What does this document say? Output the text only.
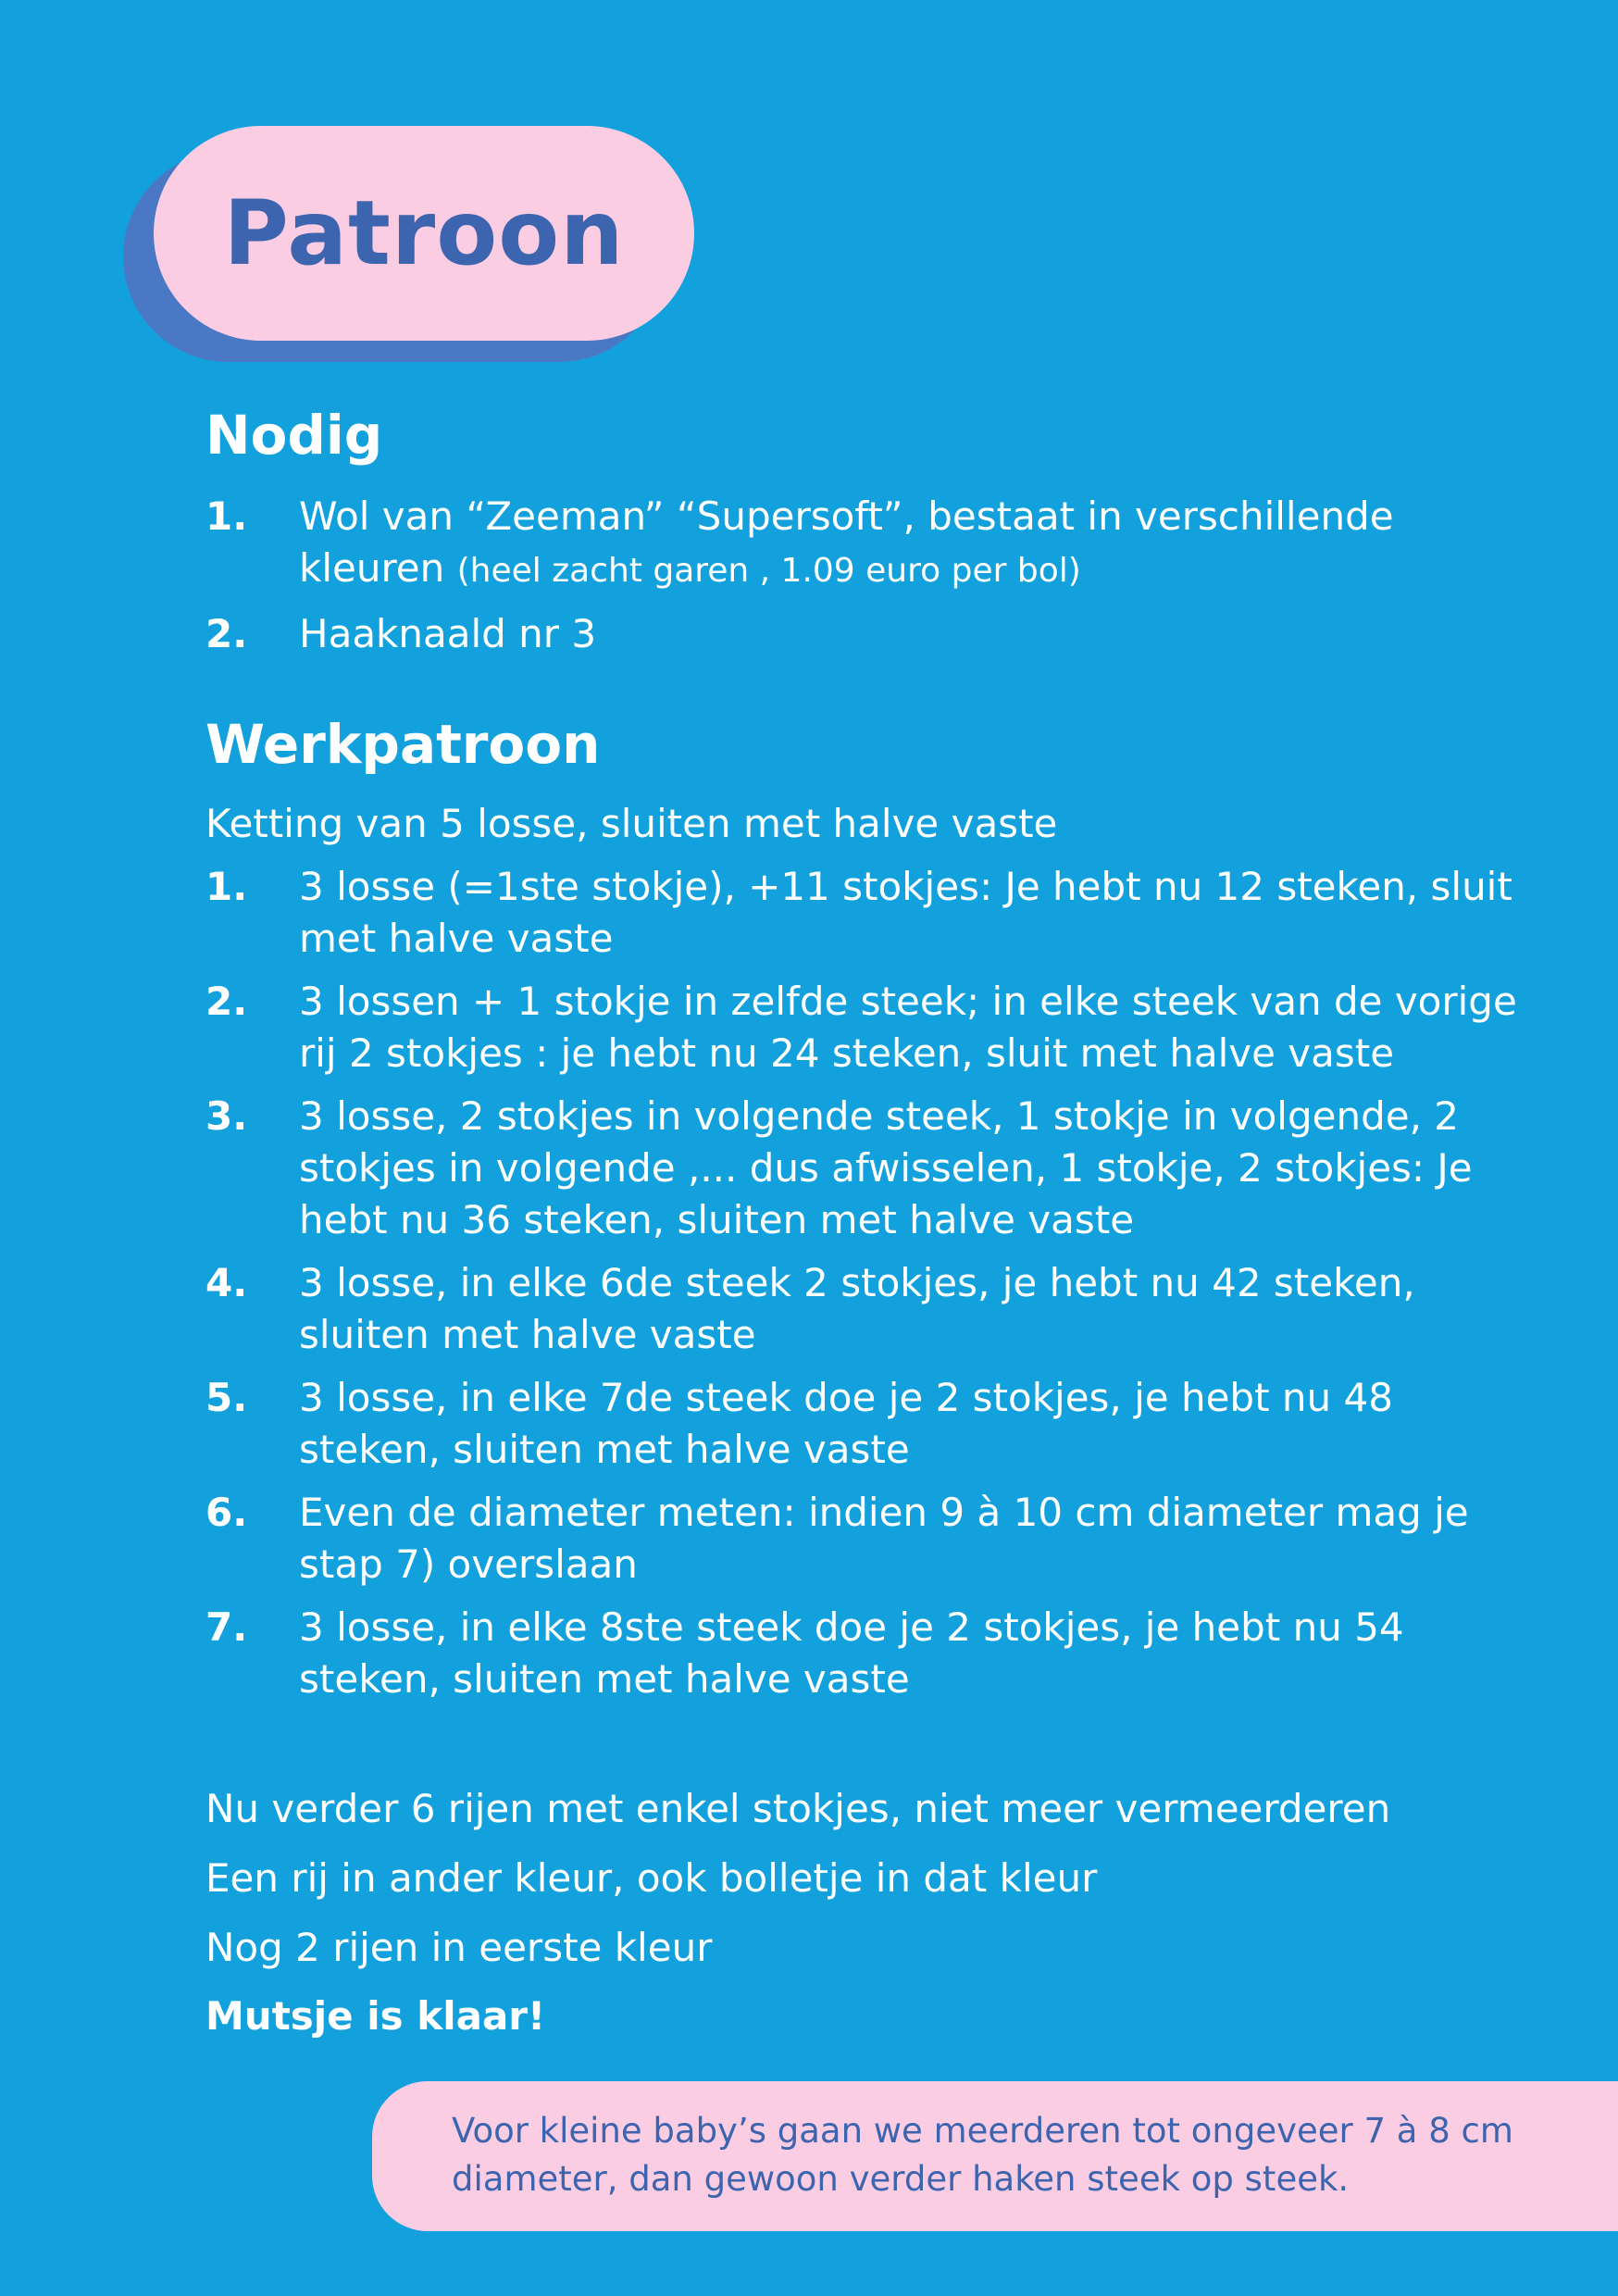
Patroon
Nodig
1.	Wol van “Zeeman” “Supersoft”, bestaat in verschillende kleuren (heel zacht garen , 1.09 euro per bol)
2.	Haaknaald nr 3
Werkpatroon

Ketting van 5 losse, sluiten met halve vaste

1.	3 losse (=1ste stokje), +11 stokjes: Je hebt nu 12 steken, sluit met halve vaste
2.	3 lossen + 1 stokje in zelfde steek; in elke steek van de vorige rij 2 stokjes : je hebt nu 24 steken, sluit met halve vaste
3.	3 losse, 2 stokjes in volgende steek, 1 stokje in volgende, 2 stokjes in volgende ,... dus afwisselen, 1 stokje, 2 stokjes: Je hebt nu 36 steken, sluiten met halve vaste
4.	3 losse, in elke 6de steek 2 stokjes, je hebt nu 42 steken, sluiten met halve vaste
5.	3 losse, in elke 7de steek doe je 2 stokjes, je hebt nu 48 steken, sluiten met halve vaste
6.	Even de diameter meten: indien 9 à 10 cm diameter mag je stap 7) overslaan
7.	3 losse, in elke 8ste steek doe je 2 stokjes, je hebt nu 54 steken, sluiten met halve vaste

Nu verder 6 rijen met enkel stokjes, niet meer vermeerderen

Een rij in ander kleur, ook bolletje in dat kleur

Nog 2 rijen in eerste kleur

Mutsje is klaar!

Voor kleine baby’s gaan we meerderen tot ongeveer 7 à 8 cm diameter, dan gewoon verder haken steek op steek.
